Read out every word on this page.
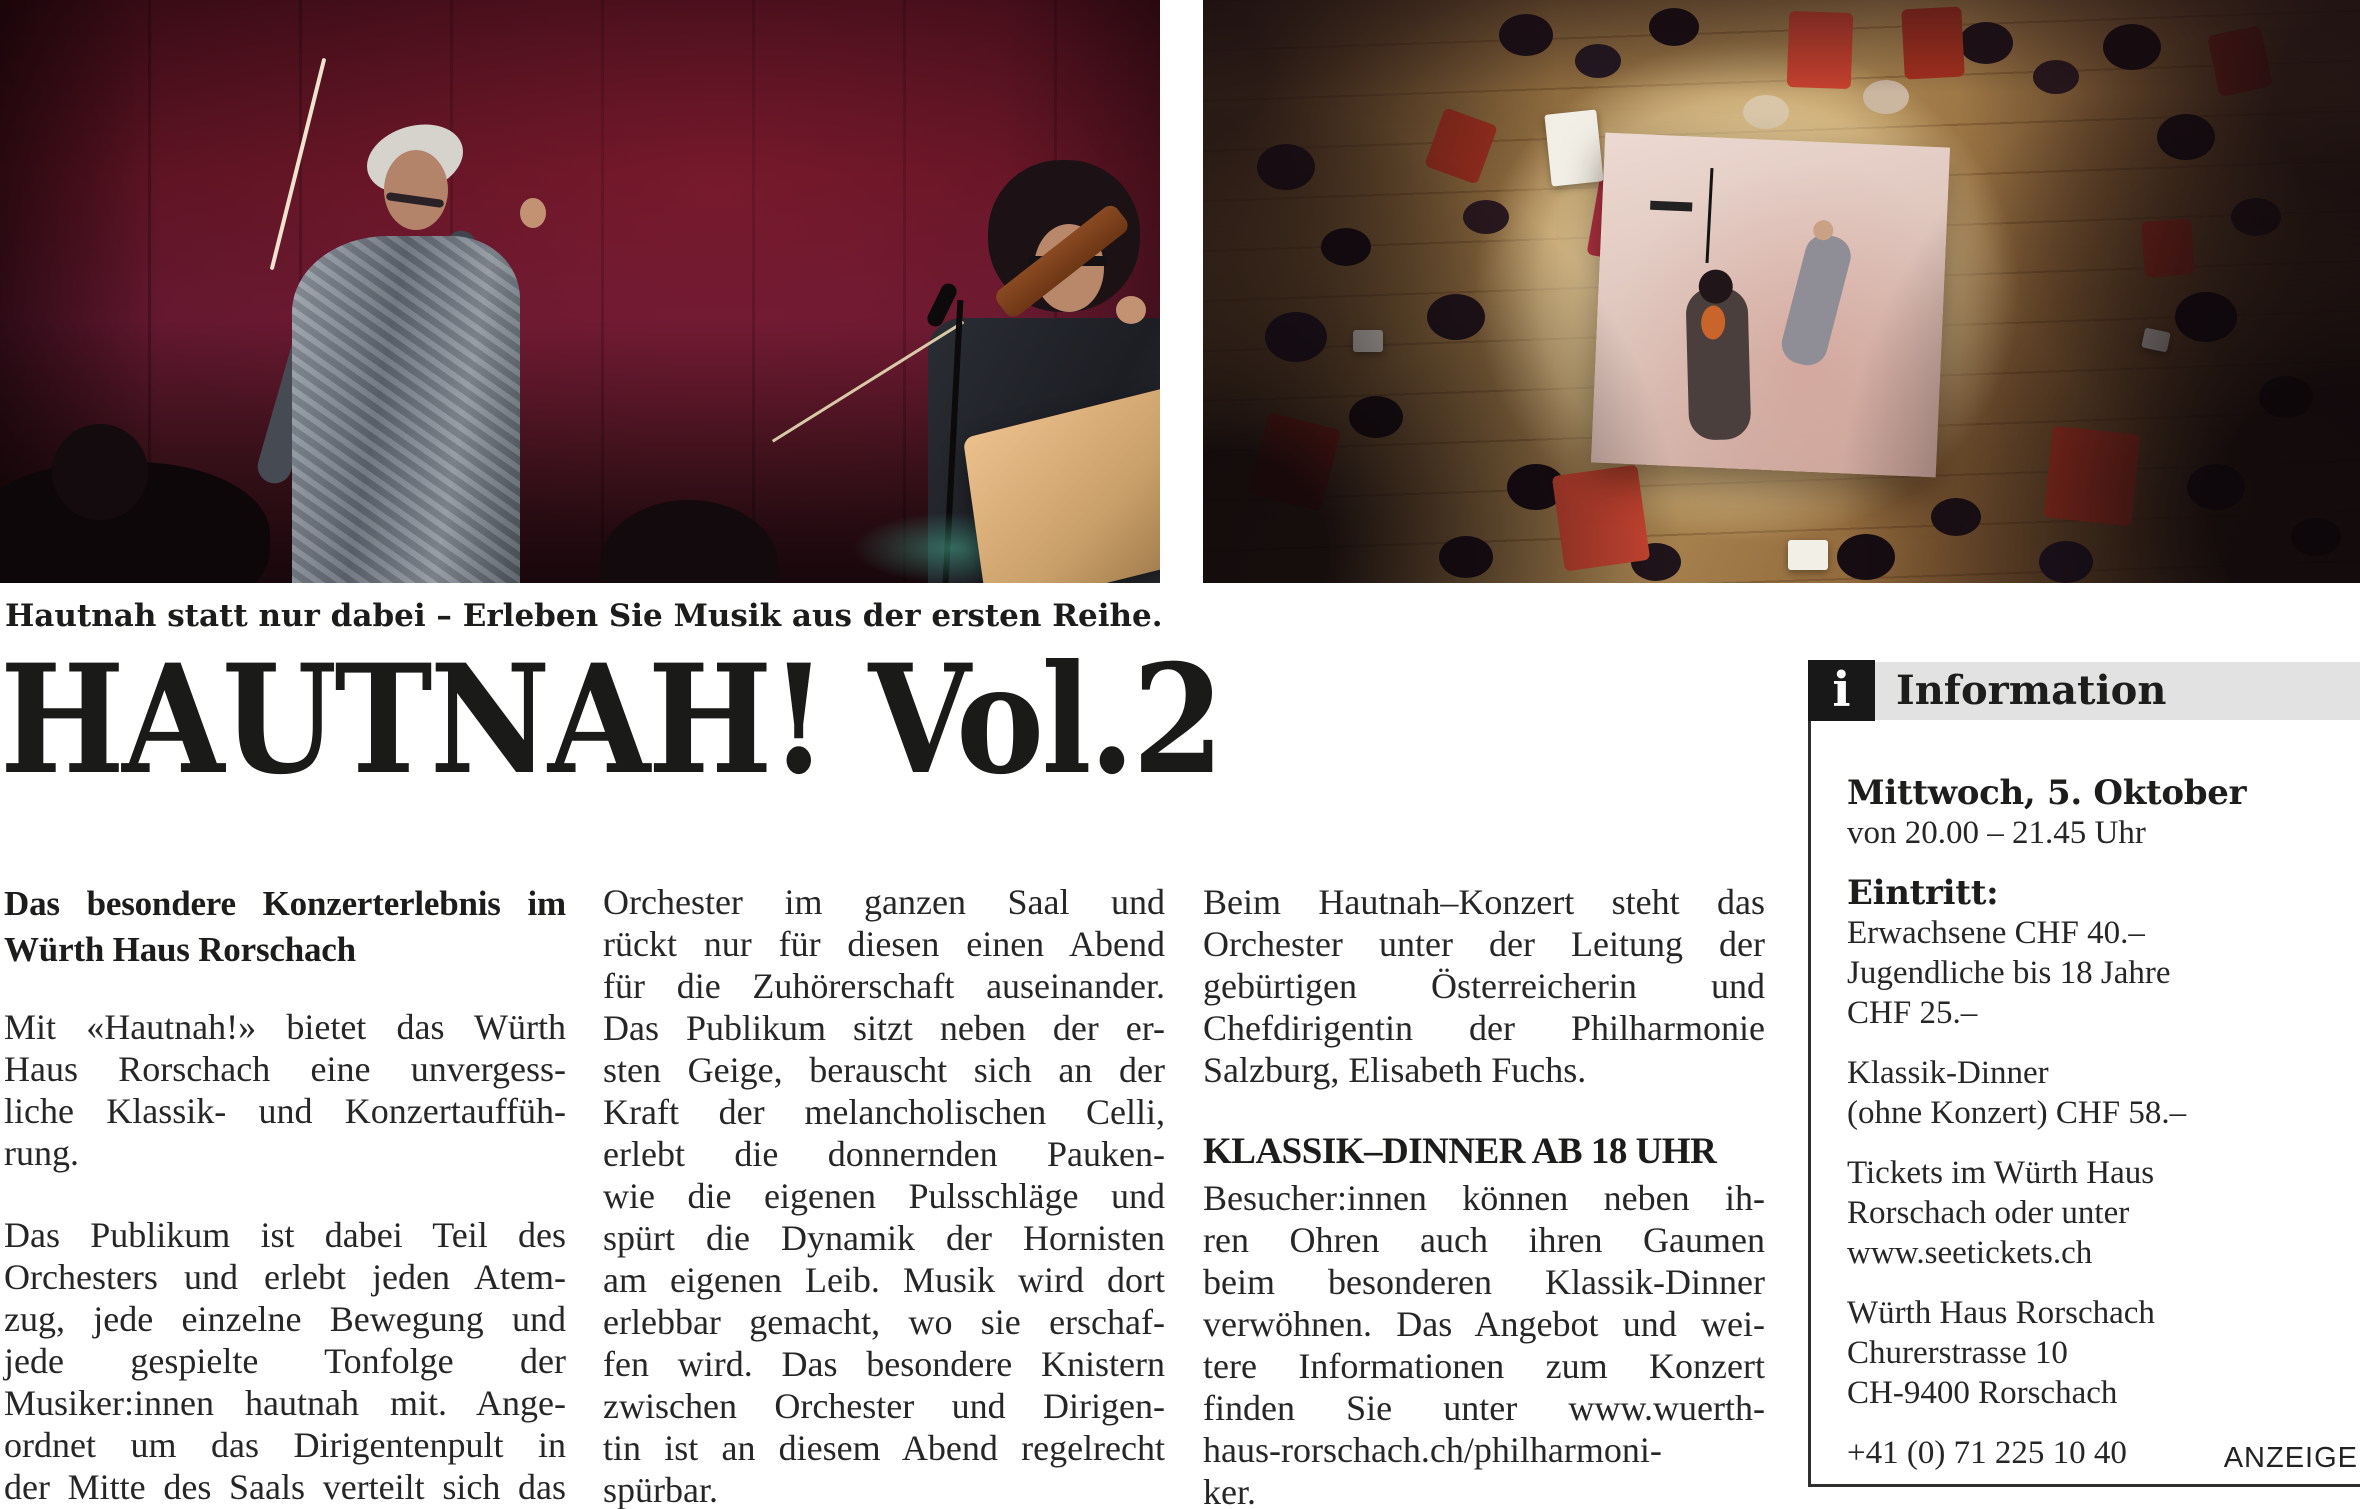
Hautnah statt nur dabei – Erleben Sie Musik aus der ersten Reihe.
HAUTNAH! Vol.2
Das besondere Konzerterlebnis im
Würth Haus Rorschach
Mit «Hautnah!» bietet das Würth
Haus Rorschach eine unvergess-
liche Klassik- und Konzertauffüh-
rung.
Das Publikum ist dabei Teil des
Orchesters und erlebt jeden Atem-
zug, jede einzelne Bewegung und
jede gespielte Tonfolge der
Musiker:innen hautnah mit. Ange-
ordnet um das Dirigentenpult in
der Mitte des Saals verteilt sich das
Orchester im ganzen Saal und
rückt nur für diesen einen Abend
für die Zuhörerschaft auseinander.
Das Publikum sitzt neben der er-
sten Geige, berauscht sich an der
Kraft der melancholischen Celli,
erlebt die donnernden Pauken-
wie die eigenen Pulsschläge und
spürt die Dynamik der Hornisten
am eigenen Leib. Musik wird dort
erlebbar gemacht, wo sie erschaf-
fen wird. Das besondere Knistern
zwischen Orchester und Dirigen-
tin ist an diesem Abend regelrecht
spürbar.
Beim Hautnah–Konzert steht das
Orchester unter der Leitung der
gebürtigen Österreicherin und
Chefdirigentin der Philharmonie
Salzburg, Elisabeth Fuchs.
KLASSIK–DINNER AB 18 UHR
Besucher:innen können neben ih-
ren Ohren auch ihren Gaumen
beim besonderen Klassik-Dinner
verwöhnen. Das Angebot und wei-
tere Informationen zum Konzert
finden Sie unter www.wuerth-
haus-rorschach.ch/philharmoni-
ker.
i	Information
Mittwoch, 5. Oktober
von 20.00 – 21.45 Uhr
Eintritt:
Erwachsene CHF 40.–
Jugendliche bis 18 Jahre
CHF 25.–
Klassik-Dinner
(ohne Konzert) CHF 58.–
Tickets im Würth Haus
Rorschach oder unter
www.seetickets.ch
Würth Haus Rorschach
Churerstrasse 10
CH-9400 Rorschach
+41 (0) 71 225 10 40	ANZEIGE
